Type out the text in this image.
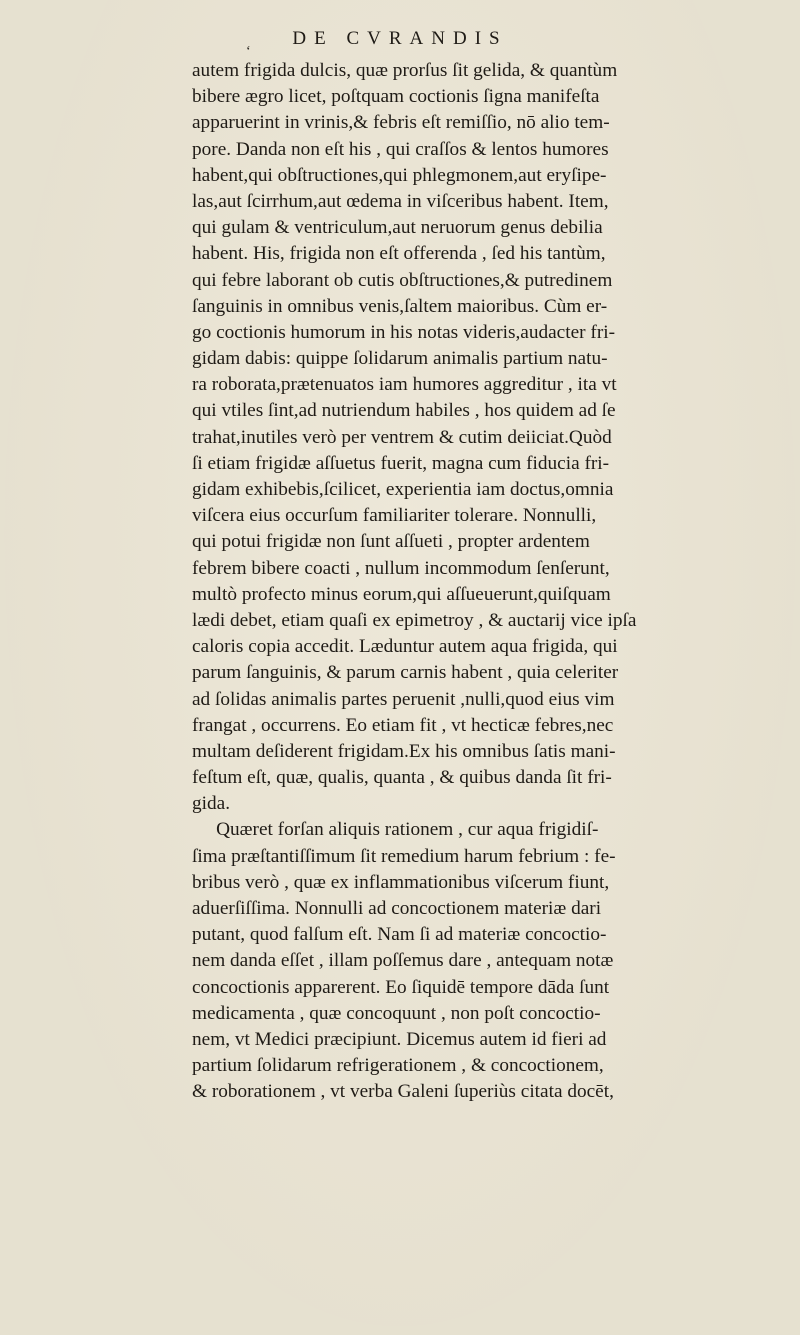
ʻ
DE CVRANDIS
autem frigida dulcis, quæ prorſus ſit gelida, & quantùm
bibere ægro licet, poſtquam coctionis ſigna manifeſta
apparuerint in vrinis,& febris eſt remiſſio, nō alio tem-
pore. Danda non eſt his , qui craſſos & lentos humores
habent,qui obſtructiones,qui phlegmonem,aut eryſipe-
las,aut ſcirrhum,aut œdema in viſceribus habent. Item,
qui gulam & ventriculum,aut neruorum genus debilia
habent. His, frigida non eſt offerenda , ſed his tantùm,
qui febre laborant ob cutis obſtructiones,& putredinem
ſanguinis in omnibus venis,ſaltem maioribus. Cùm er-
go coctionis humorum in his notas videris,audacter fri-
gidam dabis: quippe ſolidarum animalis partium natu-
ra roborata,prætenuatos iam humores aggreditur , ita vt
qui vtiles ſint,ad nutriendum habiles , hos quidem ad ſe
trahat,inutiles verò per ventrem & cutim deiiciat.Quòd
ſi etiam frigidæ aſſuetus fuerit, magna cum fiducia fri-
gidam exhibebis,ſcilicet, experientia iam doctus,omnia
viſcera eius occurſum familiariter tolerare. Nonnulli,
qui potui frigidæ non ſunt aſſueti , propter ardentem
febrem bibere coacti , nullum incommodum ſenſerunt,
multò profecto minus eorum,qui aſſueuerunt,quiſquam
lædi debet, etiam quaſi ex epimetroy , & auctarij vice ipſa
caloris copia accedit. Læduntur autem aqua frigida, qui
parum ſanguinis, & parum carnis habent , quia celeriter
ad ſolidas animalis partes peruenit ,nulli,quod eius vim
frangat , occurrens. Eo etiam fit , vt hecticæ febres,nec
multam deſiderent frigidam.Ex his omnibus ſatis mani-
feſtum eſt, quæ, qualis, quanta , & quibus danda ſit fri-
gida.
Quæret forſan aliquis rationem , cur aqua frigidiſ-
ſima præſtantiſſimum ſit remedium harum febrium : fe-
bribus verò , quæ ex inflammationibus viſcerum fiunt,
aduerſiſſima. Nonnulli ad concoctionem materiæ dari
putant, quod falſum eſt. Nam ſi ad materiæ concoctio-
nem danda eſſet , illam poſſemus dare , antequam notæ
concoctionis apparerent. Eo ſiquidē tempore dāda ſunt
medicamenta , quæ concoquunt , non poſt concoctio-
nem, vt Medici præcipiunt. Dicemus autem id fieri ad
partium ſolidarum refrigerationem , & concoctionem,
& roborationem , vt verba Galeni ſuperiùs citata docēt,
